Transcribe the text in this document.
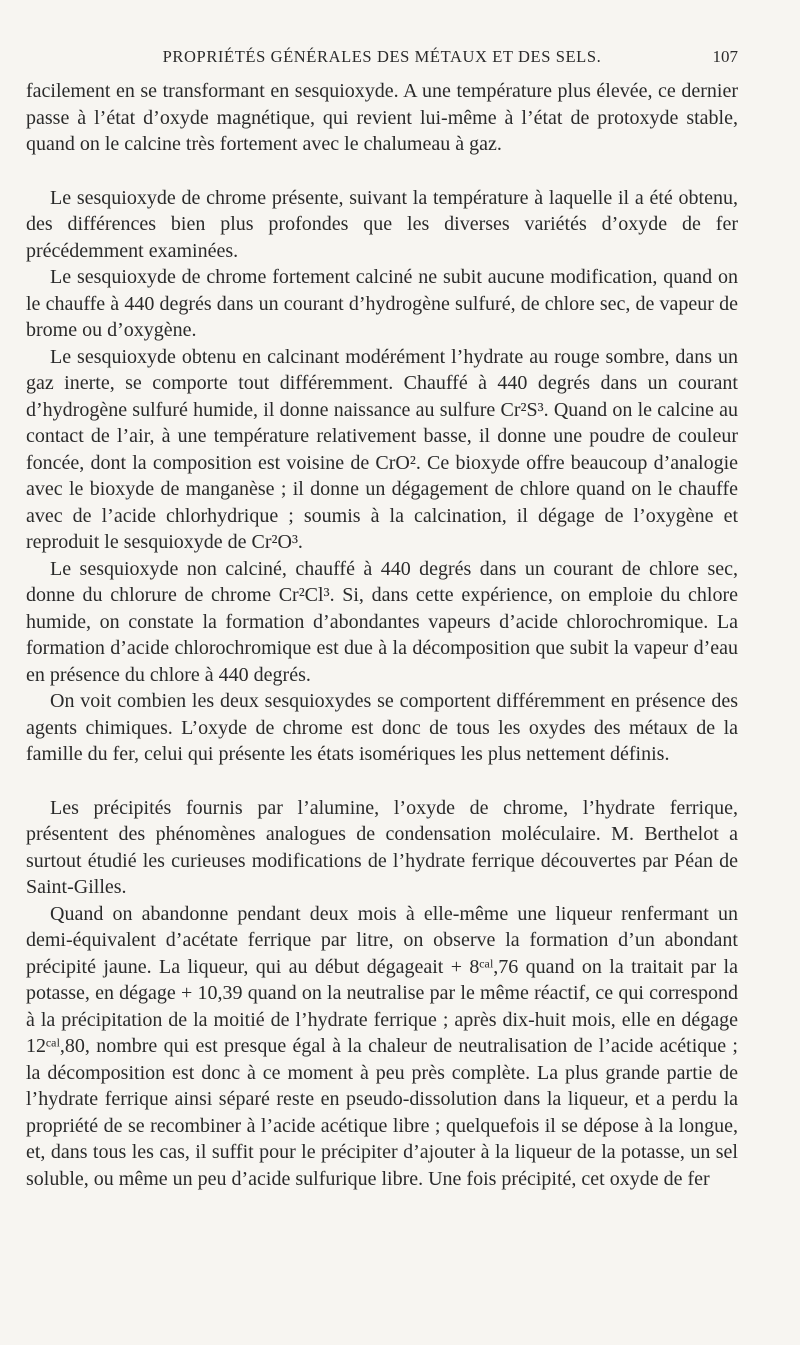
PROPRIÉTÉS GÉNÉRALES DES MÉTAUX ET DES SELS.	107

facilement en se transformant en sesquioxyde. A une température plus élevée, ce dernier passe à l’état d’oxyde magnétique, qui revient lui-même à l’état de protoxyde stable, quand on le calcine très fortement avec le chalumeau à gaz.

Le sesquioxyde de chrome présente, suivant la température à laquelle il a été obtenu, des différences bien plus profondes que les diverses variétés d’oxyde de fer précédemment examinées.

Le sesquioxyde de chrome fortement calciné ne subit aucune modification, quand on le chauffe à 440 degrés dans un courant d’hydrogène sulfuré, de chlore sec, de vapeur de brome ou d’oxygène.

Le sesquioxyde obtenu en calcinant modérément l’hydrate au rouge sombre, dans un gaz inerte, se comporte tout différemment. Chauffé à 440 degrés dans un courant d’hydrogène sulfuré humide, il donne naissance au sulfure Cr²S³. Quand on le calcine au contact de l’air, à une température relativement basse, il donne une poudre de couleur foncée, dont la composition est voisine de CrO². Ce bioxyde offre beaucoup d’analogie avec le bioxyde de manganèse ; il donne un dégagement de chlore quand on le chauffe avec de l’acide chlorhydrique ; soumis à la calcination, il dégage de l’oxygène et reproduit le sesquioxyde de Cr²O³.

Le sesquioxyde non calciné, chauffé à 440 degrés dans un courant de chlore sec, donne du chlorure de chrome Cr²Cl³. Si, dans cette expérience, on emploie du chlore humide, on constate la formation d’abondantes vapeurs d’acide chlorochromique. La formation d’acide chlorochromique est due à la décomposition que subit la vapeur d’eau en présence du chlore à 440 degrés.

On voit combien les deux sesquioxydes se comportent différemment en présence des agents chimiques. L’oxyde de chrome est donc de tous les oxydes des métaux de la famille du fer, celui qui présente les états isomériques les plus nettement définis.

Les précipités fournis par l’alumine, l’oxyde de chrome, l’hydrate ferrique, présentent des phénomènes analogues de condensation moléculaire. M. Berthelot a surtout étudié les curieuses modifications de l’hydrate ferrique découvertes par Péan de Saint-Gilles.

Quand on abandonne pendant deux mois à elle-même une liqueur renfermant un demi-équivalent d’acétate ferrique par litre, on observe la formation d’un abondant précipité jaune. La liqueur, qui au début dégageait + 8ᶜᵃˡ,76 quand on la traitait par la potasse, en dégage + 10,39 quand on la neutralise par le même réactif, ce qui correspond à la précipitation de la moitié de l’hydrate ferrique ; après dix-huit mois, elle en dégage 12ᶜᵃˡ,80, nombre qui est presque égal à la chaleur de neutralisation de l’acide acétique ; la décomposition est donc à ce moment à peu près complète. La plus grande partie de l’hydrate ferrique ainsi séparé reste en pseudo-dissolution dans la liqueur, et a perdu la propriété de se recombiner à l’acide acétique libre ; quelquefois il se dépose à la longue, et, dans tous les cas, il suffit pour le précipiter d’ajouter à la liqueur de la potasse, un sel soluble, ou même un peu d’acide sulfurique libre. Une fois précipité, cet oxyde de fer
